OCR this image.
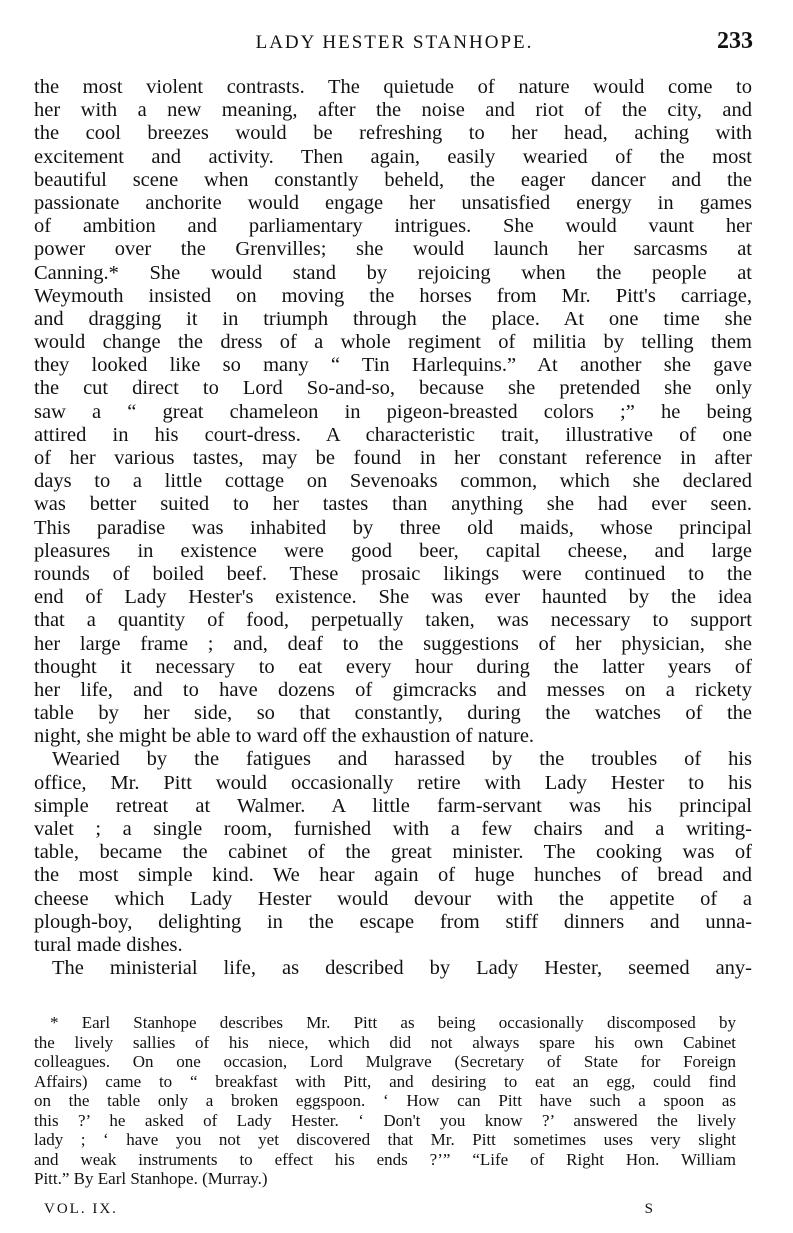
LADY HESTER STANHOPE.	233
the most violent contrasts. The quietude of nature would come to
her with a new meaning, after the noise and riot of the city, and
the cool breezes would be refreshing to her head, aching with
excitement and activity. Then again, easily wearied of the most
beautiful scene when constantly beheld, the eager dancer and the
passionate anchorite would engage her unsatisfied energy in games
of ambition and parliamentary intrigues. She would vaunt her
power over the Grenvilles; she would launch her sarcasms at
Canning.* She would stand by rejoicing when the people at
Weymouth insisted on moving the horses from Mr. Pitt's carriage,
and dragging it in triumph through the place. At one time she
would change the dress of a whole regiment of militia by telling them
they looked like so many “ Tin Harlequins.” At another she gave
the cut direct to Lord So-and-so, because she pretended she only
saw a “ great chameleon in pigeon-breasted colors ;” he being
attired in his court-dress. A characteristic trait, illustrative of one
of her various tastes, may be found in her constant reference in after
days to a little cottage on Sevenoaks common, which she declared
was better suited to her tastes than anything she had ever seen.
This paradise was inhabited by three old maids, whose principal
pleasures in existence were good beer, capital cheese, and large
rounds of boiled beef. These prosaic likings were continued to the
end of Lady Hester's existence. She was ever haunted by the idea
that a quantity of food, perpetually taken, was necessary to support
her large frame ; and, deaf to the suggestions of her physician, she
thought it necessary to eat every hour during the latter years of
her life, and to have dozens of gimcracks and messes on a rickety
table by her side, so that constantly, during the watches of the
night, she might be able to ward off the exhaustion of nature.
Wearied by the fatigues and harassed by the troubles of his
office, Mr. Pitt would occasionally retire with Lady Hester to his
simple retreat at Walmer. A little farm-servant was his principal
valet ; a single room, furnished with a few chairs and a writing-
table, became the cabinet of the great minister. The cooking was of
the most simple kind. We hear again of huge hunches of bread and
cheese which Lady Hester would devour with the appetite of a
plough-boy, delighting in the escape from stiff dinners and unna-
tural made dishes.
The ministerial life, as described by Lady Hester, seemed any-
* Earl Stanhope describes Mr. Pitt as being occasionally discomposed by
the lively sallies of his niece, which did not always spare his own Cabinet
colleagues. On one occasion, Lord Mulgrave (Secretary of State for Foreign
Affairs) came to “ breakfast with Pitt, and desiring to eat an egg, could find
on the table only a broken eggspoon. ‘ How can Pitt have such a spoon as
this ?’ he asked of Lady Hester. ‘ Don't you know ?’ answered the lively
lady ; ‘ have you not yet discovered that Mr. Pitt sometimes uses very slight
and weak instruments to effect his ends ?’” “Life of Right Hon. William
Pitt.” By Earl Stanhope. (Murray.)
VOL. IX.	S
